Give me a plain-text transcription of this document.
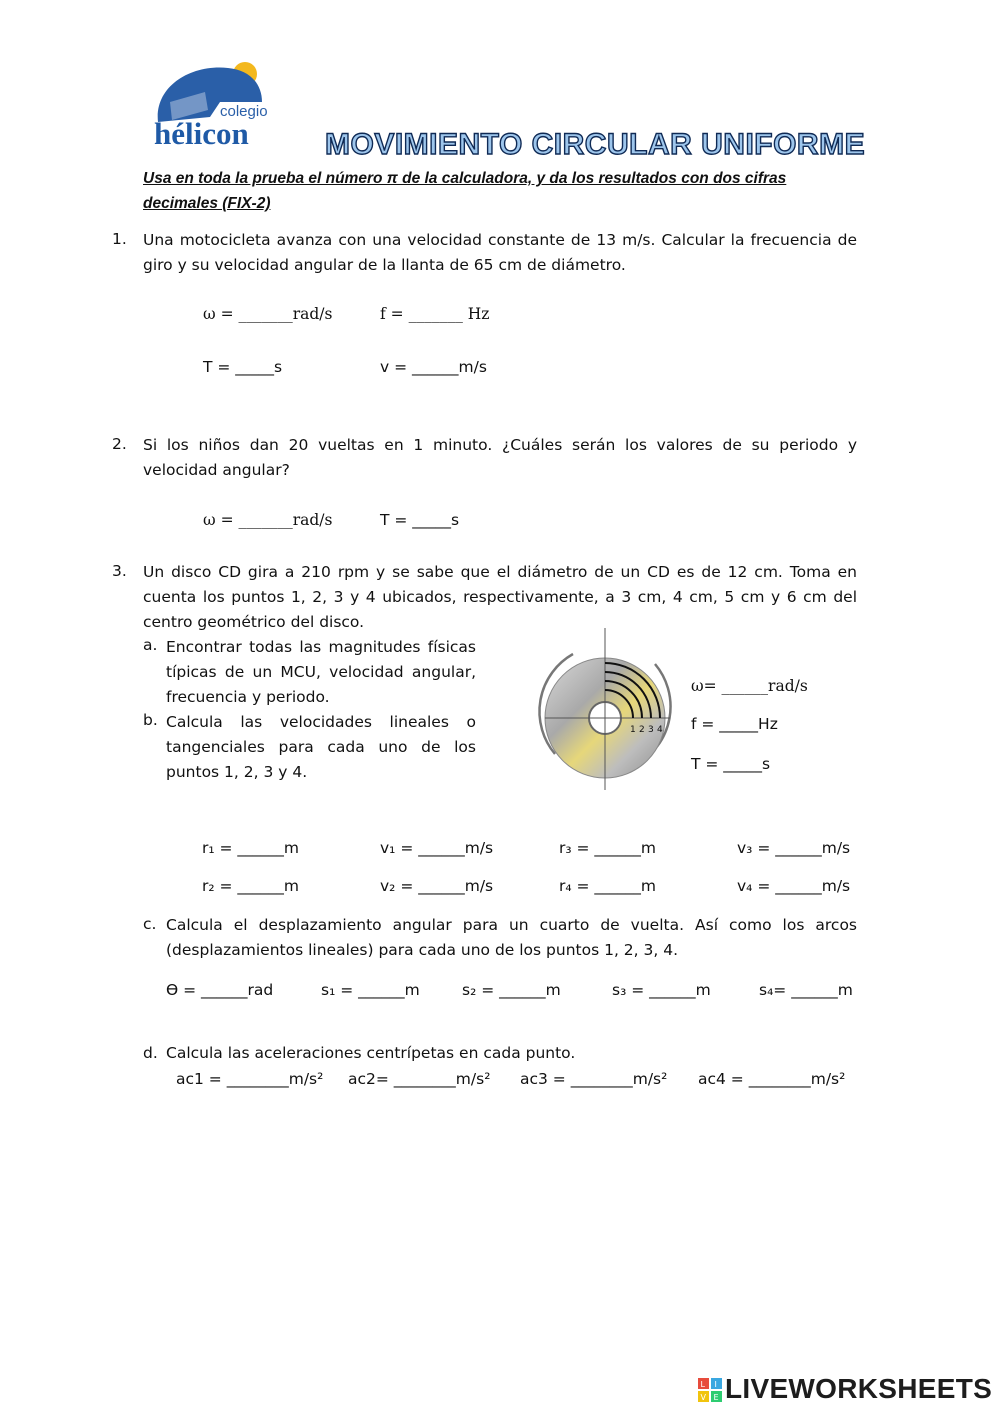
colegio
hélicon	MOVIMIENTO CIRCULAR UNIFORME
Usa en toda la prueba el número π de la calculadora, y da los resultados con dos cifras decimales (FIX-2)
1.	Una motocicleta avanza con una velocidad constante de 13 m/s. Calcular la frecuencia de giro y su velocidad angular de la llanta de 65 cm de diámetro.
ω = _______rad/s	f = _______ Hz
T = _____s	v = ______m/s
2.	Si los niños dan 20 vueltas en 1 minuto. ¿Cuáles serán los valores de su periodo y velocidad angular?
ω = _______rad/s	T = _____s
3.	Un disco CD gira a 210 rpm y se sabe que el diámetro de un CD es de 12 cm. Toma en cuenta los puntos 1, 2, 3 y 4 ubicados, respectivamente, a 3 cm, 4 cm, 5 cm y 6 cm del centro geométrico del disco.
a. Encontrar todas las magnitudes físicas típicas de un MCU, velocidad angular, frecuencia y periodo.
b. Calcula las velocidades lineales o tangenciales para cada uno de los puntos 1, 2, 3 y 4.
1 2 3 4
ω= ______rad/s
f = _____Hz
T = _____s
r₁ = ______m	v₁ = ______m/s	r₃ = ______m	v₃ = ______m/s
r₂ = ______m	v₂ = ______m/s	r₄ = ______m	v₄ = ______m/s
c. Calcula el desplazamiento angular para un cuarto de vuelta. Así como los arcos (desplazamientos lineales) para cada uno de los puntos 1, 2, 3, 4.
ϴ = ______rad	s₁ = ______m	s₂ = ______m	s₃ = ______m	s₄= ______m
d. Calcula las aceleraciones centrípetas en cada punto.
ac1 = ________m/s² ac2= ________m/s² ac3 = ________m/s² ac4 = ________m/s²
L I
V E LIVEWORKSHEETS
